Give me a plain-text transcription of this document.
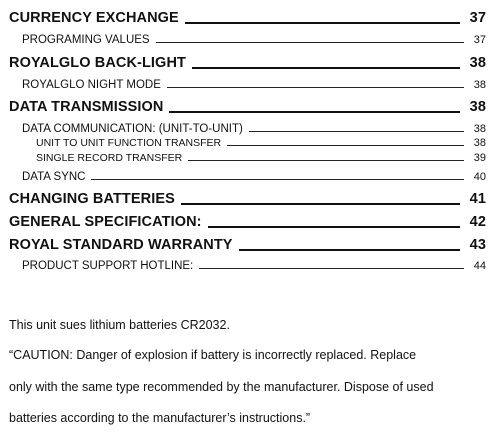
CURRENCY EXCHANGE	37
PROGRAMING VALUES	37
ROYALGLO BACK-LIGHT	38
ROYALGLO NIGHT MODE	38
DATA TRANSMISSION	38
DATA COMMUNICATION: (UNIT-TO-UNIT)	38
UNIT TO UNIT FUNCTION TRANSFER	38
SINGLE RECORD TRANSFER	39
DATA SYNC	40
CHANGING BATTERIES	41
GENERAL SPECIFICATION:	42
ROYAL STANDARD WARRANTY	43
PRODUCT SUPPORT HOTLINE:	44
This unit sues lithium batteries CR2032.
“CAUTION: Danger of explosion if battery is incorrectly replaced. Replace
only with the same type recommended by the manufacturer. Dispose of used
batteries according to the manufacturer’s instructions.”
